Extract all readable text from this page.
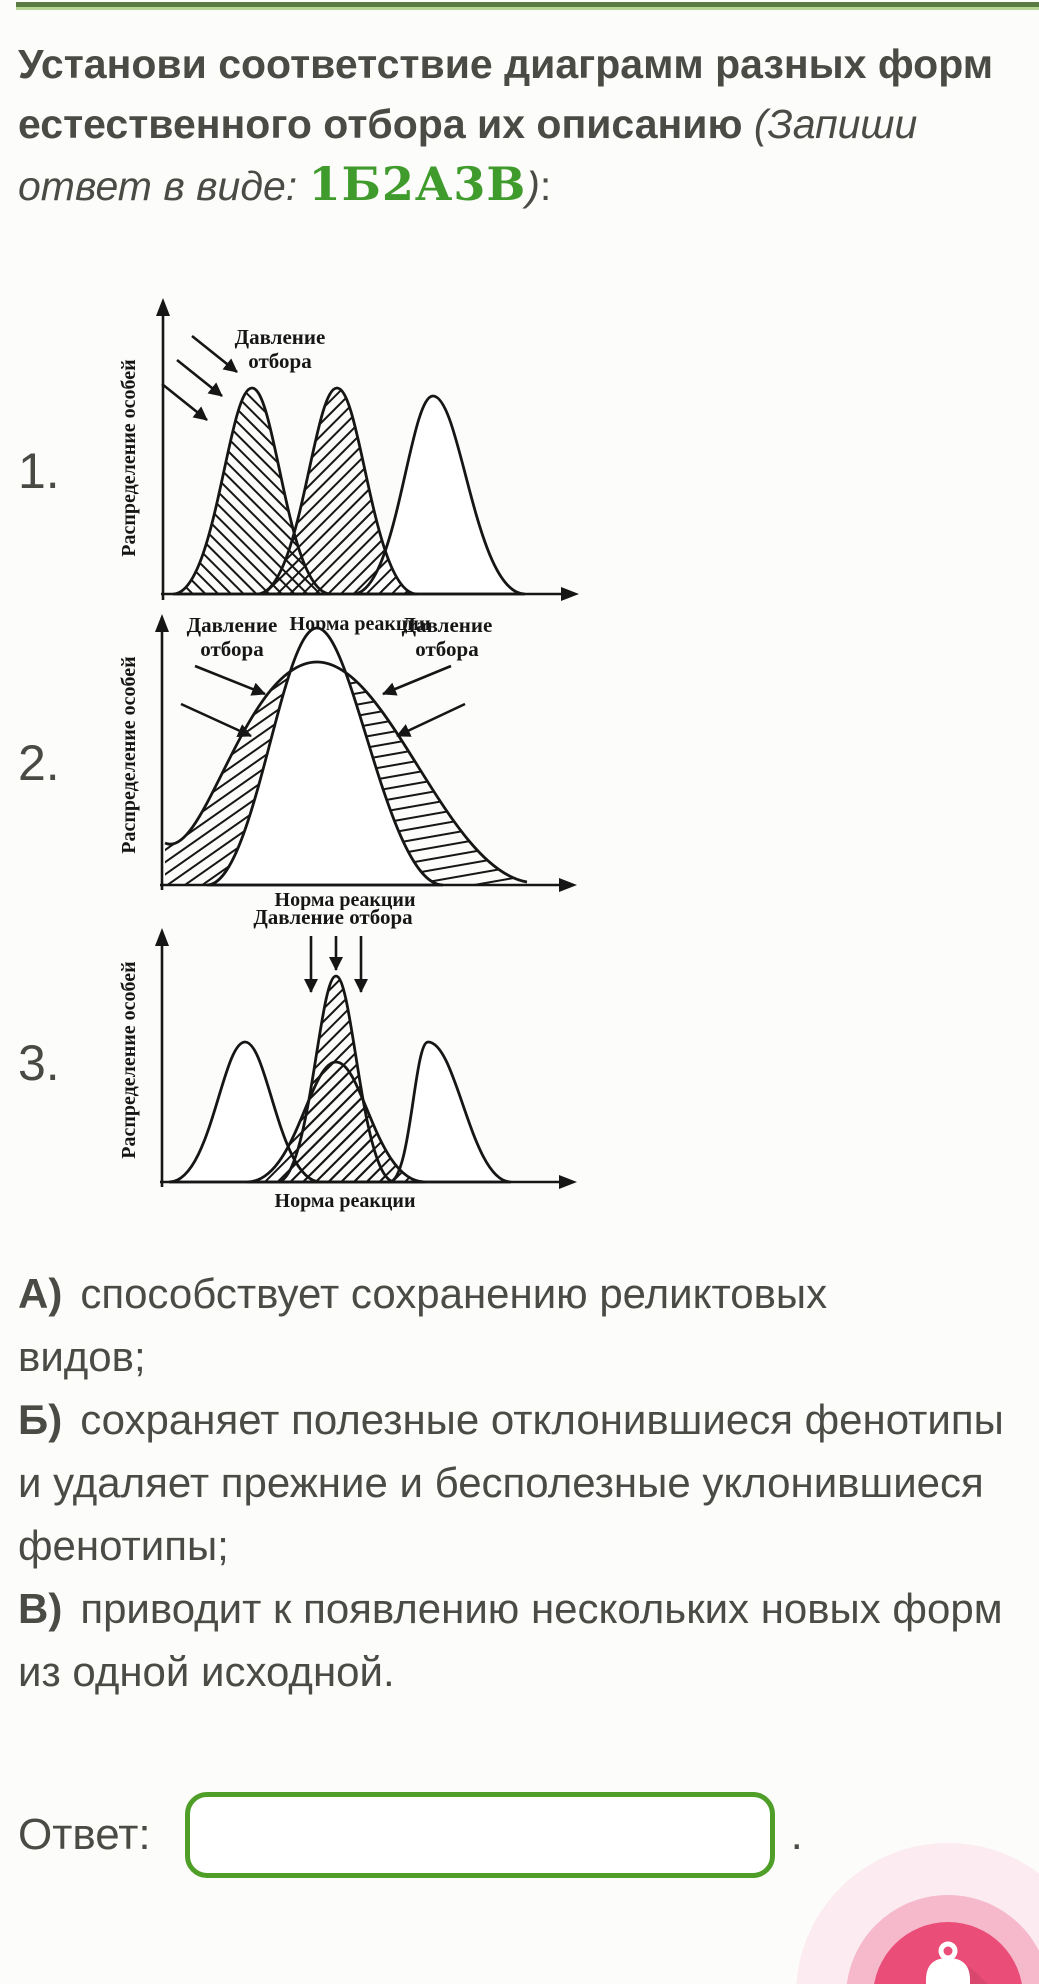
Установи соответствие диаграмм разных форм естественного отбора их описанию (Запиши ответ в виде: 1Б2А3В):
1.	Распределение особей
Норма реакции
Давление
отбора
2.	Распределение особей
Норма реакции
Давление
отбора
Давление
отбора
3.	Распределение особей
Норма реакции
Давление отбора
А) способствует сохранению реликтовых видов;
Б) сохраняет полезные отклонившиеся фенотипы и удаляет прежние и бесполезные уклонившиеся фенотипы;
В) приводит к появлению нескольких новых форм из одной исходной.
Ответ:	.
